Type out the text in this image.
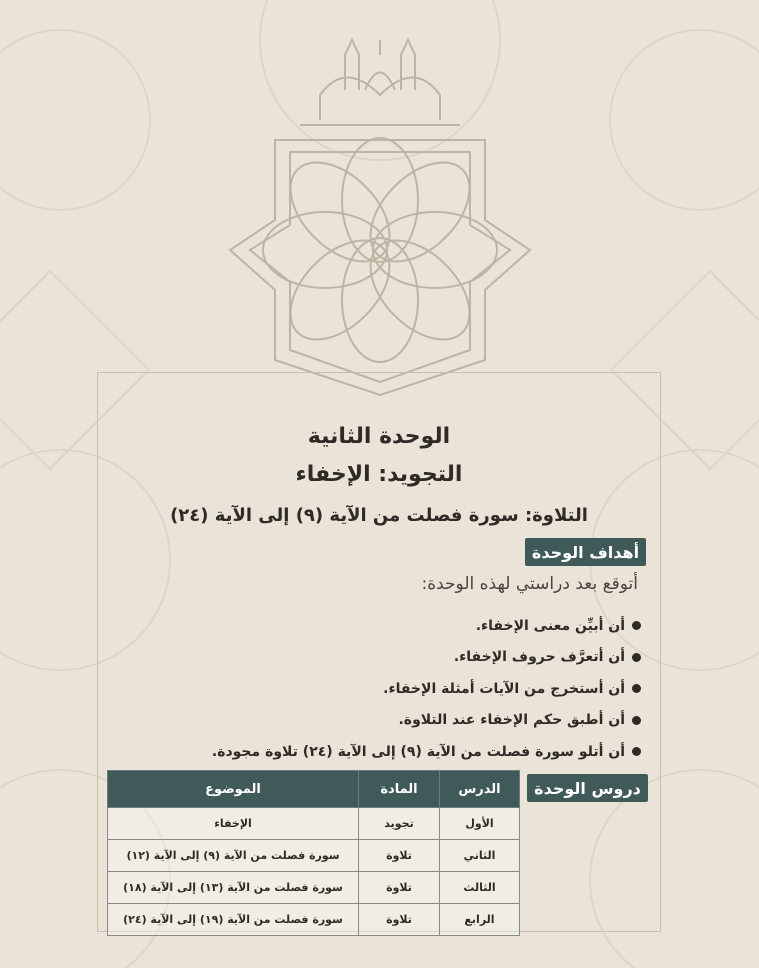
الوحدة الثانية
التجويد: الإخفاء
التلاوة: سورة فصلت من الآية (٩) إلى الآية (٢٤)
أهداف الوحدة
أتوقع بعد دراستي لهذه الوحدة:
أن أبيِّن معنى الإخفاء.
أن أتعرَّف حروف الإخفاء.
أن أستخرج من الآيات أمثلة الإخفاء.
أن أطبق حكم الإخفاء عند التلاوة.
أن أتلو سورة فصلت من الآية (٩) إلى الآية (٢٤) تلاوة مجودة.
دروس الوحدة
الدرس	المادة	الموضوع
الأول	تجويد	الإخفاء
الثاني	تلاوة	سورة فصلت من الآية (٩) إلى الآية (١٢)
الثالث	تلاوة	سورة فصلت من الآية (١٣) إلى الآية (١٨)
الرابع	تلاوة	سورة فصلت من الآية (١٩) إلى الآية (٢٤)
